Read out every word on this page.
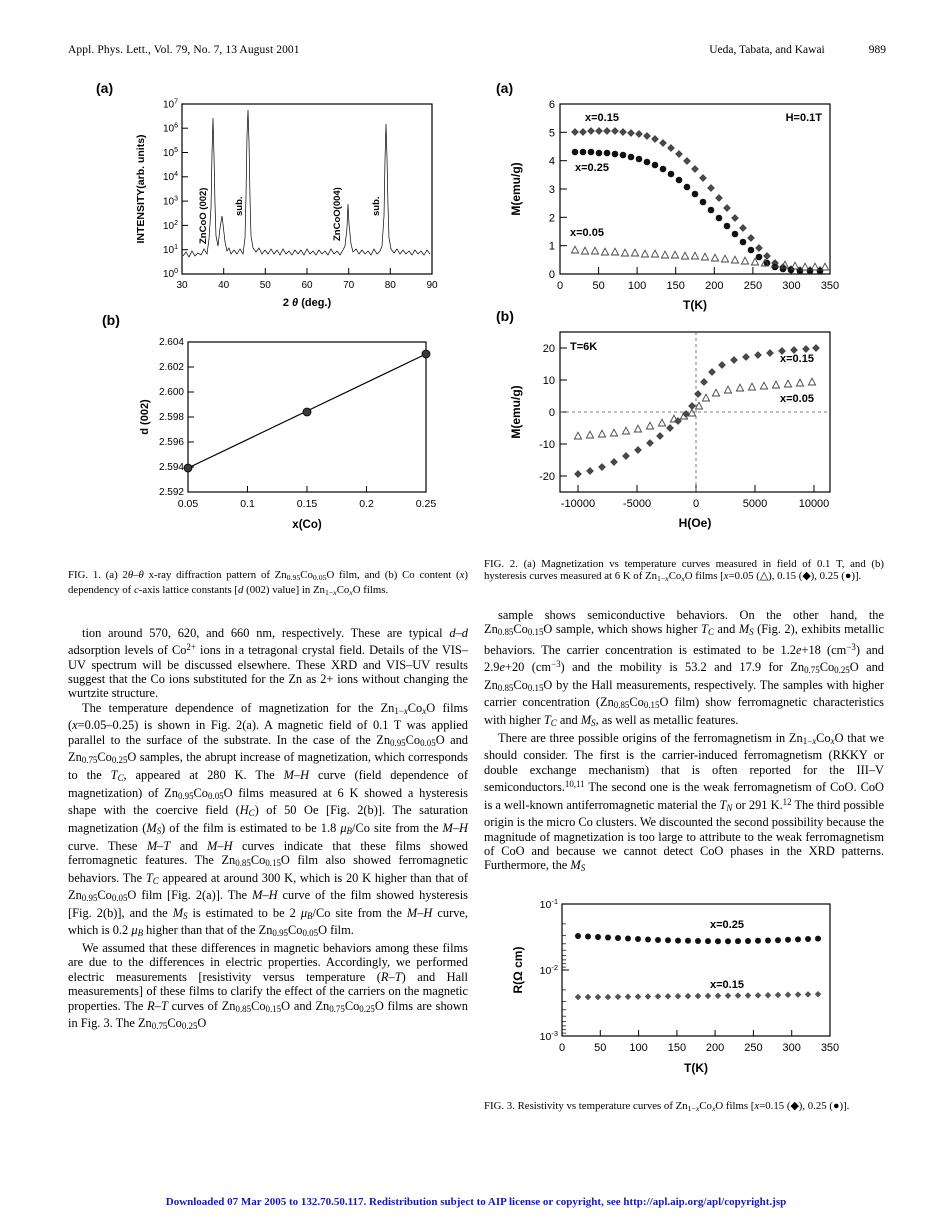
Appl. Phys. Lett., Vol. 79, No. 7, 13 August 2001	Ueda, Tabata, and Kawai	989
(a)
$10^0$
$10^1$
$10^2$
$10^3$
$10^4$
$10^5$
$10^6$
$10^7$
30	40	50	60	70	80	90
INTENSITY(arb. units)
2 θ (deg.)
ZnCoO (002)	sub.	ZnCoO(004)	sub.
(b)
2.592
2.594
2.596
2.598
2.600
2.602
2.604
0.05	0.1	0.15	0.2	0.25
d (002)
x(Co)

FIG. 1. (a) 2θ–θ x-ray diffraction pattern of $Zn_{0.95}Co_{0.05}O$ film, and (b) Co content (x) dependency of c-axis lattice constants [d (002) value] in $Zn_{1-x}Co_xO$ films.

tion around 570, 620, and 660 nm, respectively. These are typical d–d adsorption levels of $Co^{2+}$ ions in a tetragonal crystal field. Details of the VIS–UV spectrum will be discussed elsewhere. These XRD and VIS–UV results suggest that the Co ions substituted for the Zn as 2+ ions without changing the wurtzite structure.

The temperature dependence of magnetization for the $Zn_{1-x}Co_xO$ films (x=0.05–0.25) is shown in Fig. 2(a). A magnetic field of 0.1 T was applied parallel to the surface of the substrate. In the case of the $Zn_{0.95}Co_{0.05}O$ and $Zn_{0.75}Co_{0.25}O$ samples, the abrupt increase of magnetization, which corresponds to the $T_C$, appeared at 280 K. The M–H curve (field dependence of magnetization) of $Zn_{0.95}Co_{0.05}O$ films measured at 6 K showed a hysteresis shape with the coercive field $(H_C)$ of 50 Oe [Fig. 2(b)]. The saturation magnetization $(M_S)$ of the film is estimated to be 1.8 $\mu_B/Co$ site from the M–H curve. These M–T and M–H curves indicate that these films showed ferromagnetic features. The $Zn_{0.85}Co_{0.15}O$ film also showed ferromagnetic behaviors. The $T_C$ appeared at around 300 K, which is 20 K higher than that of $Zn_{0.95}Co_{0.05}O$ film [Fig. 2(a)]. The M–H curve of the film showed hysteresis [Fig. 2(b)], and the $M_S$ is estimated to be 2 $\mu_B/Co$ site from the M–H curve, which is 0.2 $\mu_B$ higher than that of the $Zn_{0.95}Co_{0.05}O$ film.

We assumed that these differences in magnetic behaviors among these films are due to the differences in electric properties. Accordingly, we performed electric measurements [resistivity versus temperature (R–T) and Hall measurements] of these films to clarify the effect of the carriers on the magnetic properties. The R–T curves of $Zn_{0.85}Co_{0.15}O$ and $Zn_{0.75}Co_{0.25}O$ films are shown in Fig. 3. The $Zn_{0.75}Co_{0.25}O$

(a)
0
1
2
3
4
5
6
0	50 100 150 200 250 300 350
M(emu/g)
T(K)
x=0.15
x=0.25
x=0.05
H=0.1T
(b)
-20
-10
0
10
20
-10000	-5000	0	5000	10000
M(emu/g)
H(Oe)
T=6K
x=0.15
x=0.05

FIG. 2. (a) Magnetization vs temperature curves measured in field of 0.1 T, and (b) hysteresis curves measured at 6 K of $Zn_{1-x}Co_xO$ films [x=0.05 (△), 0.15 (◆), 0.25 (●)].

sample shows semiconductive behaviors. On the other hand, the $Zn_{0.85}Co_{0.15}O$ sample, which shows higher $T_C$ and $M_S$ (Fig. 2), exhibits metallic behaviors. The carrier concentration is estimated to be 1.2e+18 $(cm^{-3})$ and 2.9e+20 $(cm^{-3})$ and the mobility is 53.2 and 17.9 for $Zn_{0.75}Co_{0.25}O$ and $Zn_{0.85}Co_{0.15}O$ by the Hall measurements, respectively. The samples with higher carrier concentration ($Zn_{0.85}Co_{0.15}O$ film) show ferromagnetic characteristics with higher $T_C$ and $M_S$, as well as metallic features.

There are three possible origins of the ferromagnetism in $Zn_{1-x}Co_xO$ that we should consider. The first is the carrier-induced ferromagnetism (RKKY or double exchange mechanism) that is often reported for the III–V semiconductors.$^{10,11}$ The second one is the weak ferromagnetism of CoO. CoO is a well-known antiferromagnetic material the $T_N$ or 291 K.$^{12}$ The third possible origin is the micro Co clusters. We discounted the second possibility because the magnitude of magnetization is too large to attribute to the weak ferromagnetism of CoO and because we cannot detect CoO phases in the XRD patterns. Furthermore, the $M_S$

$10^{-1}$
$10^{-2}$
$10^{-3}$
0	50 100 150 200 250 300 350
R(Ω cm)
T(K)
x=0.25
x=0.15

FIG. 3. Resistivity vs temperature curves of $Zn_{1-x}Co_xO$ films [x=0.15 (◆), 0.25 (●)].

Downloaded 07 Mar 2005 to 132.70.50.117. Redistribution subject to AIP license or copyright, see http://apl.aip.org/apl/copyright.jsp
